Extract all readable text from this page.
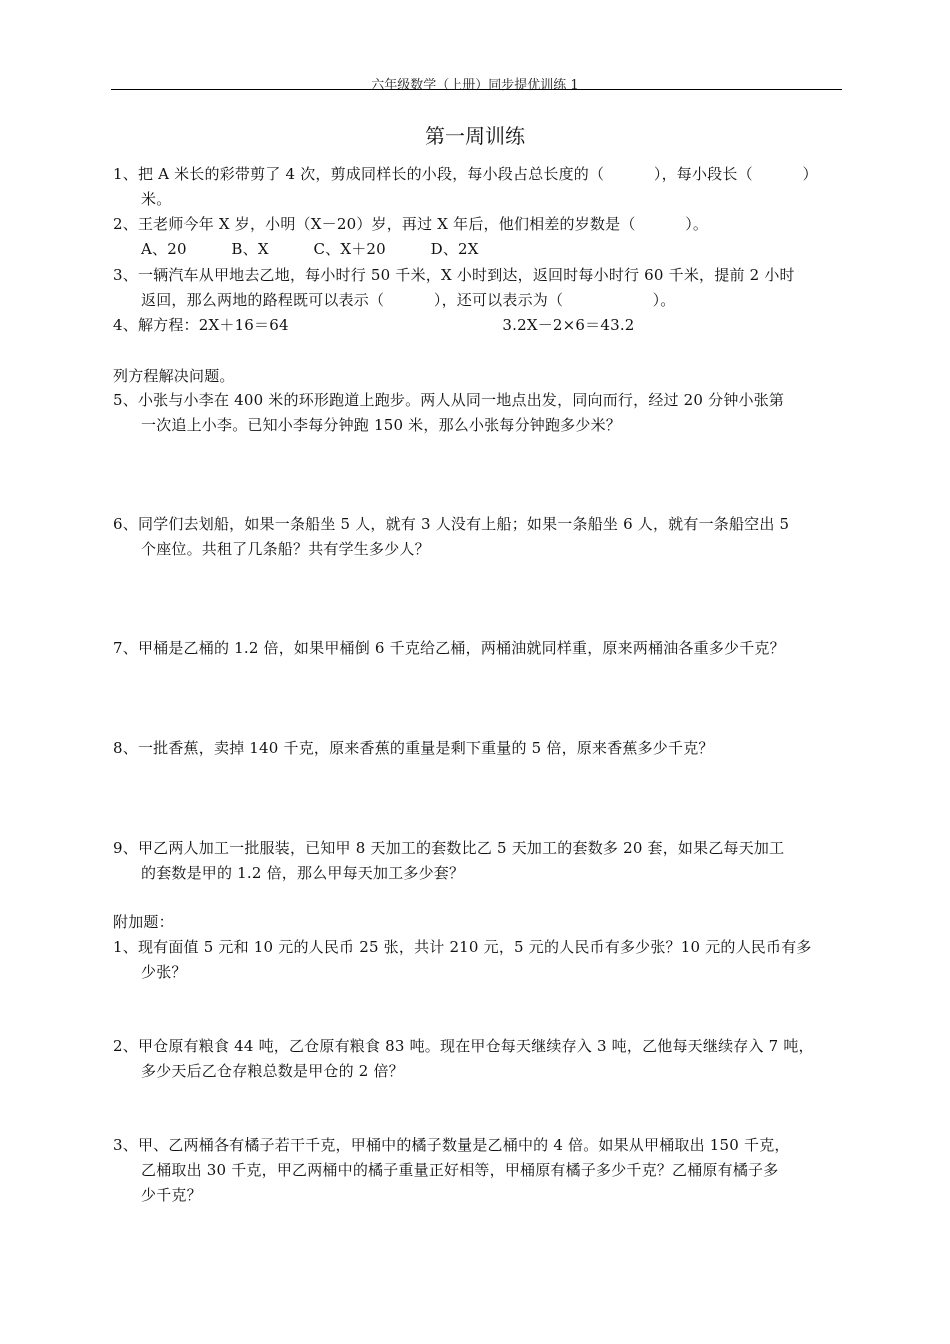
六年级数学（上册）同步提优训练 1
第一周训练
1、把 A 米长的彩带剪了 4 次，剪成同样长的小段，每小段占总长度的（          ），每小段长（          ）
米。
2、王老师今年 X 岁，小明（X－20）岁，再过 X 年后，他们相差的岁数是（          ）。
A、20         B、X         C、X＋20         D、2X
3、一辆汽车从甲地去乙地，每小时行 50 千米，X 小时到达，返回时每小时行 60 千米，提前 2 小时
返回，那么两地的路程既可以表示（          ），还可以表示为（                  ）。
4、解方程：2X＋16＝64                                           3.2X－2×6＝43.2
列方程解决问题。
5、小张与小李在 400 米的环形跑道上跑步。两人从同一地点出发，同向而行，经过 20 分钟小张第
一次追上小李。已知小李每分钟跑 150 米，那么小张每分钟跑多少米？
6、同学们去划船，如果一条船坐 5 人，就有 3 人没有上船；如果一条船坐 6 人，就有一条船空出 5
个座位。共租了几条船？共有学生多少人？
7、甲桶是乙桶的 1.2 倍，如果甲桶倒 6 千克给乙桶，两桶油就同样重，原来两桶油各重多少千克？
8、一批香蕉，卖掉 140 千克，原来香蕉的重量是剩下重量的 5 倍，原来香蕉多少千克？
9、甲乙两人加工一批服装，已知甲 8 天加工的套数比乙 5 天加工的套数多 20 套，如果乙每天加工
的套数是甲的 1.2 倍，那么甲每天加工多少套？
附加题：
1、现有面值 5 元和 10 元的人民币 25 张，共计 210 元，5 元的人民币有多少张？10 元的人民币有多
少张？
2、甲仓原有粮食 44 吨，乙仓原有粮食 83 吨。现在甲仓每天继续存入 3 吨，乙他每天继续存入 7 吨，
多少天后乙仓存粮总数是甲仓的 2 倍？
3、甲、乙两桶各有橘子若干千克，甲桶中的橘子数量是乙桶中的 4 倍。如果从甲桶取出 150 千克，
乙桶取出 30 千克，甲乙两桶中的橘子重量正好相等，甲桶原有橘子多少千克？乙桶原有橘子多
少千克？
